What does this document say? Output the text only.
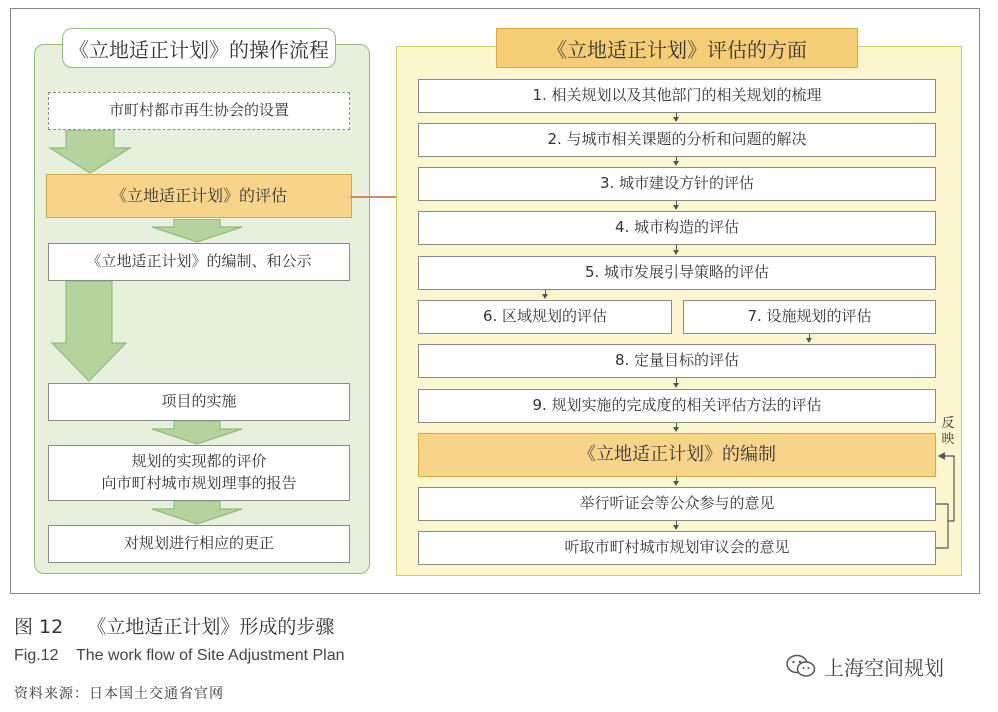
《立地适正计划》的操作流程
市町村都市再生协会的设置
《立地适正计划》的评估
《立地适正计划》的编制、和公示
项目的实施
规划的实现都的评价
向市町村城市规划理事的报告
对规划进行相应的更正
《立地适正计划》评估的方面
1. 相关规划以及其他部门的相关规划的梳理
2. 与城市相关课题的分析和问题的解决
3. 城市建设方针的评估
4. 城市构造的评估
5. 城市发展引导策略的评估
6. 区域规划的评估	7. 设施规划的评估
8. 定量目标的评估
9. 规划实施的完成度的相关评估方法的评估
《立地适正计划》的编制
举行听证会等公众参与的意见
听取市町村城市规划审议会的意见
反映
图 12    《立地适正计划》形成的步骤
Fig.12    The work flow of Site Adjustment Plan
资料来源：日本国土交通省官网
上海空间规划
